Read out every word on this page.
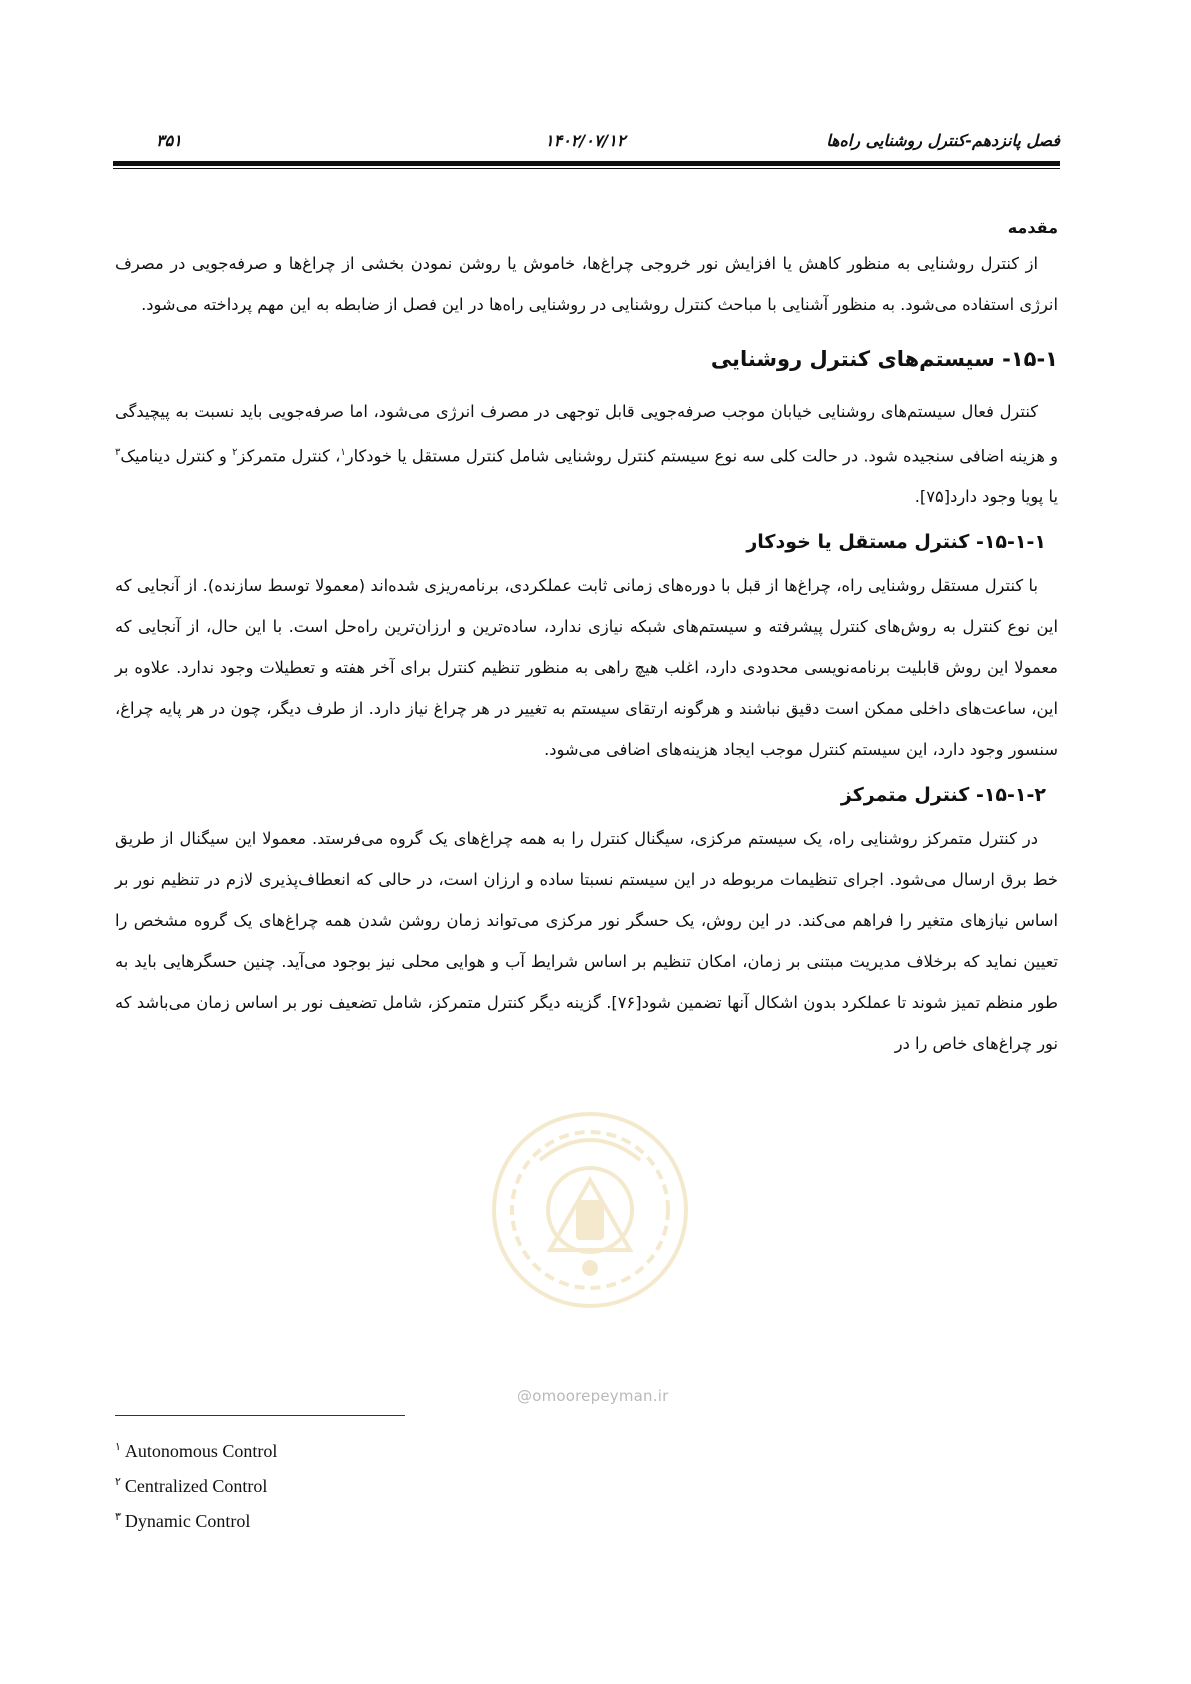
فصل پانزدهم-کنترل روشنایی راه‌ها
۱۴۰۲/۰۷/۱۲
۳۵۱
مقدمه

از کنترل روشنایی به منظور کاهش یا افزایش نور خروجی چراغ‌ها، خاموش یا روشن نمودن بخشی از چراغ‌ها و صرفه‌جویی در مصرف انرژی استفاده می‌شود. به منظور آشنایی با مباحث کنترل روشنایی در روشنایی راه‌ها در این فصل از ضابطه به این مهم پرداخته می‌شود.

۱۵-۱- سیستم‌های کنترل روشنایی

کنترل فعال سیستم‌های روشنایی خیابان موجب صرفه‌جویی قابل توجهی در مصرف انرژی می‌شود، اما صرفه‌جویی باید نسبت به پیچیدگی و هزینه اضافی سنجیده شود. در حالت کلی سه نوع سیستم کنترل روشنایی شامل کنترل مستقل یا خودکار$^۱$، کنترل متمرکز$^۲$ و کنترل دینامیک$^۳$ یا پویا وجود دارد[۷۵].

۱۵-۱-۱- کنترل مستقل یا خودکار

با کنترل مستقل روشنایی راه، چراغ‌ها از قبل با دوره‌های زمانی ثابت عملکردی، برنامه‌ریزی شده‌اند (معمولا توسط سازنده). از آنجایی که این نوع کنترل به روش‌های کنترل پیشرفته و سیستم‌های شبکه نیازی ندارد، ساده‌ترین و ارزان‌ترین راه‌حل است. با این حال، از آنجایی که معمولا این روش قابلیت برنامه‌نویسی محدودی دارد، اغلب هیچ راهی به منظور تنظیم کنترل برای آخر هفته و تعطیلات وجود ندارد. علاوه بر این، ساعت‌های داخلی ممکن است دقیق نباشند و هرگونه ارتقای سیستم به تغییر در هر چراغ نیاز دارد. از طرف دیگر، چون در هر پایه چراغ، سنسور وجود دارد، این سیستم کنترل موجب ایجاد هزینه‌های اضافی می‌شود.

۱۵-۱-۲- کنترل متمرکز

در کنترل متمرکز روشنایی راه، یک سیستم مرکزی، سیگنال کنترل را به همه چراغ‌های یک گروه می‌فرستد. معمولا این سیگنال از طریق خط برق ارسال می‌شود. اجرای تنظیمات مربوطه در این سیستم نسبتا ساده و ارزان است، در حالی که انعطاف‌پذیری لازم در تنظیم نور بر اساس نیازهای متغیر را فراهم می‌کند. در این روش، یک حسگر نور مرکزی می‌تواند زمان روشن شدن همه چراغ‌های یک گروه مشخص را تعیین نماید که برخلاف مدیریت مبتنی بر زمان، امکان تنظیم بر اساس شرایط آب و هوایی محلی نیز بوجود می‌آید. چنین حسگرهایی باید به طور منظم تمیز شوند تا عملکرد بدون اشکال آنها تضمین شود[۷۶]. گزینه دیگر کنترل متمرکز، شامل تضعیف نور بر اساس زمان می‌باشد که نور چراغ‌های خاص را در

@omoorepeyman.ir
$^۱$ Autonomous Control
$^۲$ Centralized Control
$^۳$ Dynamic Control
